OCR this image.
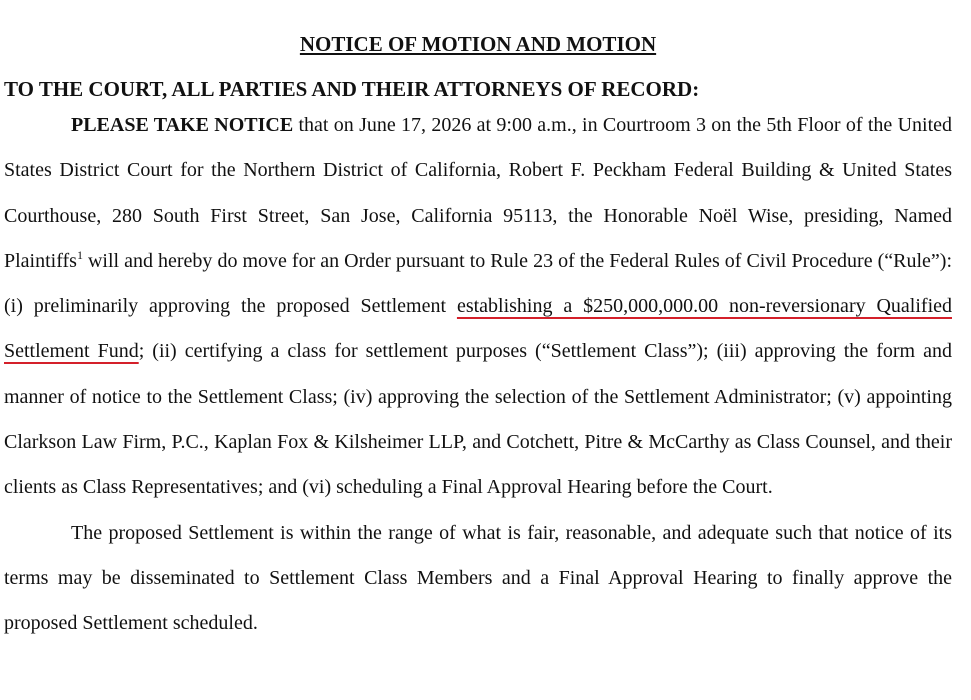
NOTICE OF MOTION AND MOTION
TO THE COURT, ALL PARTIES AND THEIR ATTORNEYS OF RECORD:

PLEASE TAKE NOTICE that on June 17, 2026 at 9:00 a.m., in Courtroom 3 on the 5th Floor of the United States District Court for the Northern District of California, Robert F. Peckham Federal Building & United States Courthouse, 280 South First Street, San Jose, California 95113, the Honorable Noël Wise, presiding, Named Plaintiffs$^1$ will and hereby do move for an Order pursuant to Rule 23 of the Federal Rules of Civil Procedure (“Rule”): (i) preliminarily approving the proposed Settlement establishing a $250,000,000.00 non-reversionary Qualified Settlement Fund; (ii) certifying a class for settlement purposes (“Settlement Class”); (iii) approving the form and manner of notice to the Settlement Class; (iv) approving the selection of the Settlement Administrator; (v) appointing Clarkson Law Firm, P.C., Kaplan Fox & Kilsheimer LLP, and Cotchett, Pitre & McCarthy as Class Counsel, and their clients as Class Representatives; and (vi) scheduling a Final Approval Hearing before the Court.

The proposed Settlement is within the range of what is fair, reasonable, and adequate such that notice of its terms may be disseminated to Settlement Class Members and a Final Approval Hearing to finally approve the proposed Settlement scheduled.
